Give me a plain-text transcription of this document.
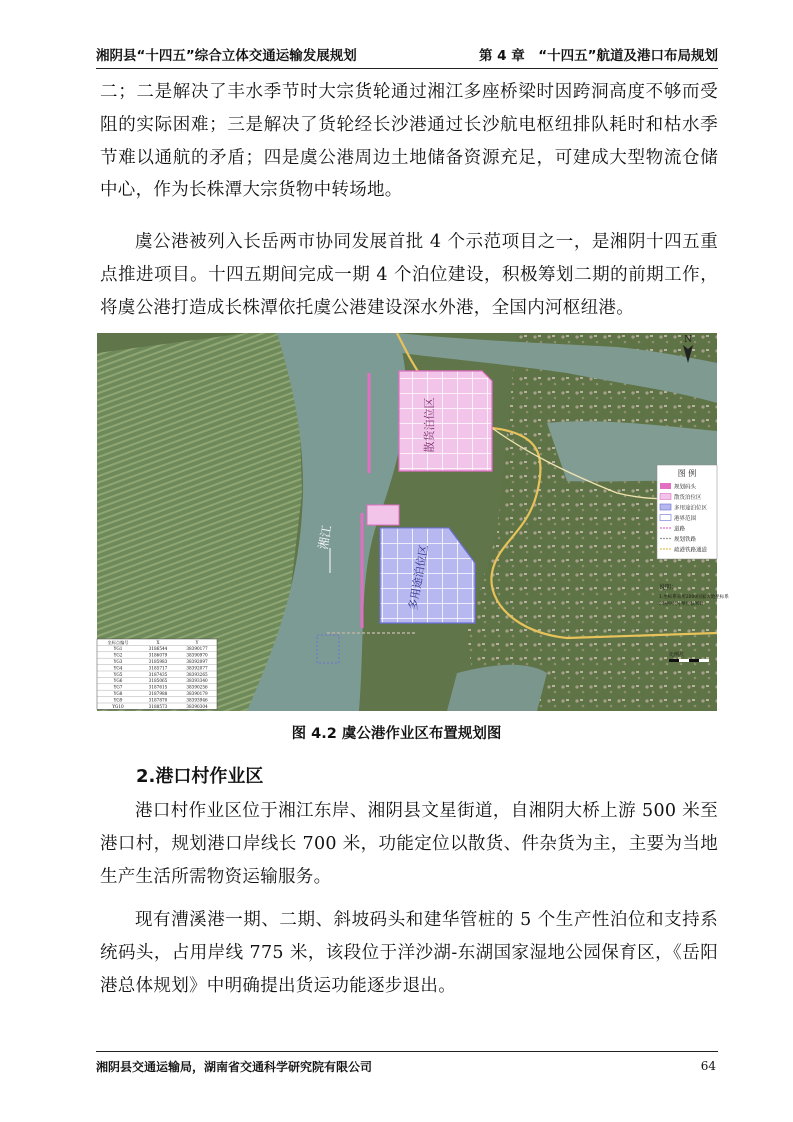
湘阴县“十四五”综合立体交通运输发展规划	第 4 章　“十四五”航道及港口布局规划

二；二是解决了丰水季节时大宗货轮通过湘江多座桥梁时因跨洞高度不够而受阻的实际困难；三是解决了货轮经长沙港通过长沙航电枢纽排队耗时和枯水季节难以通航的矛盾；四是虞公港周边土地储备资源充足，可建成大型物流仓储中心，作为长株潭大宗货物中转场地。

虞公港被列入长岳两市协同发展首批 4 个示范项目之一，是湘阴十四五重点推进项目。十四五期间完成一期 4 个泊位建设，积极筹划二期的前期工作，将虞公港打造成长株潭依托虞公港建设深水外港，全国内河枢纽港。

散货泊位区
多用途泊位区
湘江
N
图 例
规划码头
散货泊位区
多用途泊位区
港界范围
道路
规划铁路
疏港铁路通道
说明：
1.坐标系采用2000国家大地坐标系
2.图中尺寸单位以米计
比例尺
坐标点编号	X	Y
YG1	3186544	38390177
YG2	3186079	38390970
YG3	3185983	38392097
YG4	3185717	38392077
YG5	3187435	38393265
YG6	3185065	38393340
YG7	3187615	38390256
YG8	3187988	38390179
YG9	3187870	38393946
YG10	3188573	38390304
图 4.2 虞公港作业区布置规划图
2.港口村作业区

港口村作业区位于湘江东岸、湘阴县文星街道，自湘阴大桥上游 500 米至港口村，规划港口岸线长 700 米，功能定位以散货、件杂货为主，主要为当地生产生活所需物资运输服务。

现有漕溪港一期、二期、斜坡码头和建华管桩的 5 个生产性泊位和支持系统码头，占用岸线 775 米，该段位于洋沙湖-东湖国家湿地公园保育区，《岳阳港总体规划》中明确提出货运功能逐步退出。

湘阴县交通运输局，湖南省交通科学研究院有限公司	64
